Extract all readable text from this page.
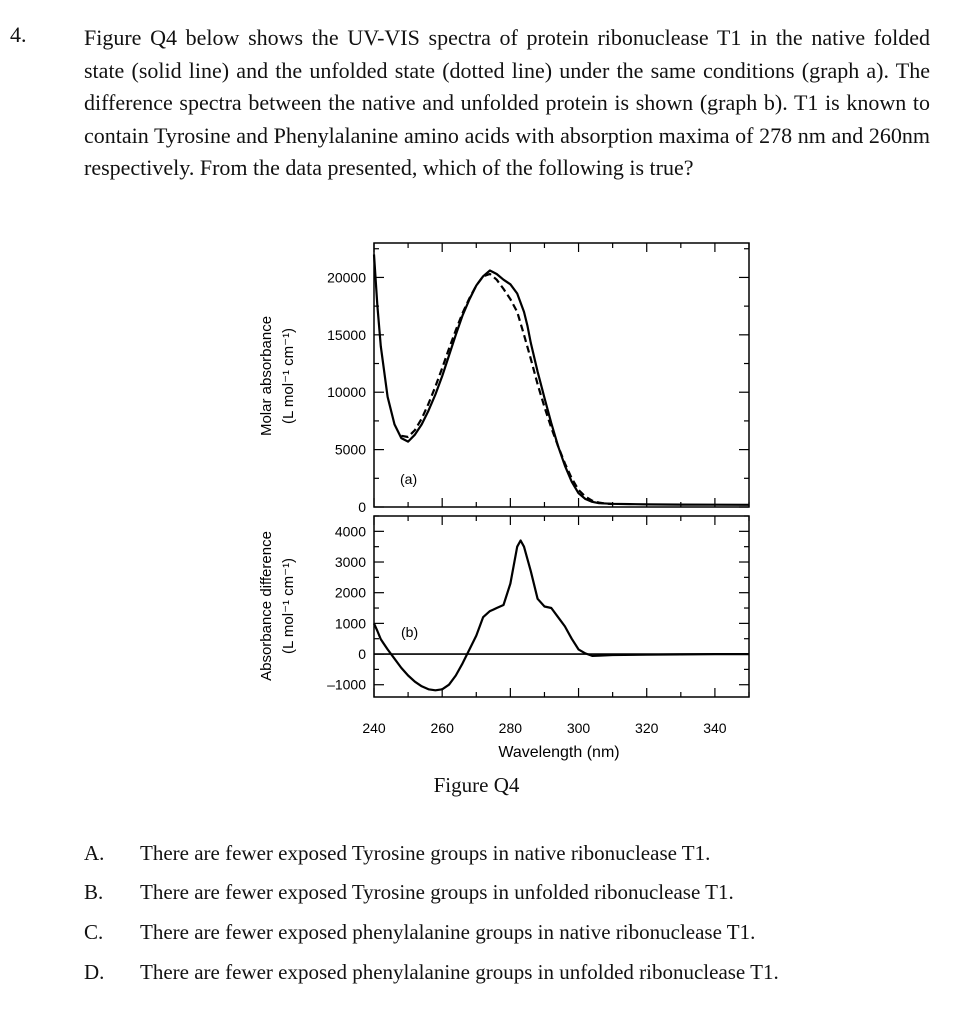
4.	Figure Q4 below shows the UV-VIS spectra of protein ribonuclease T1 in the native folded state (solid line) and the unfolded state (dotted line) under the same conditions (graph a). The difference spectra between the native and unfolded protein is shown (graph b). T1 is known to contain Tyrosine and Phenylalanine amino acids with absorption maxima of 278 nm and 260nm respectively. From the data presented, which of the following is true?

240	260	280	300	320	340
0
5000
10000
15000
20000
–1000
0
1000
2000
3000
4000
Molar absorbance (L mol⁻¹ cm⁻¹)
Absorbance difference (L mol⁻¹ cm⁻¹)
(a)
(b)
Wavelength (nm)
Figure Q4
A. There are fewer exposed Tyrosine groups in native ribonuclease T1.
B. There are fewer exposed Tyrosine groups in unfolded ribonuclease T1.
C. There are fewer exposed phenylalanine groups in native ribonuclease T1.
D. There are fewer exposed phenylalanine groups in unfolded ribonuclease T1.
